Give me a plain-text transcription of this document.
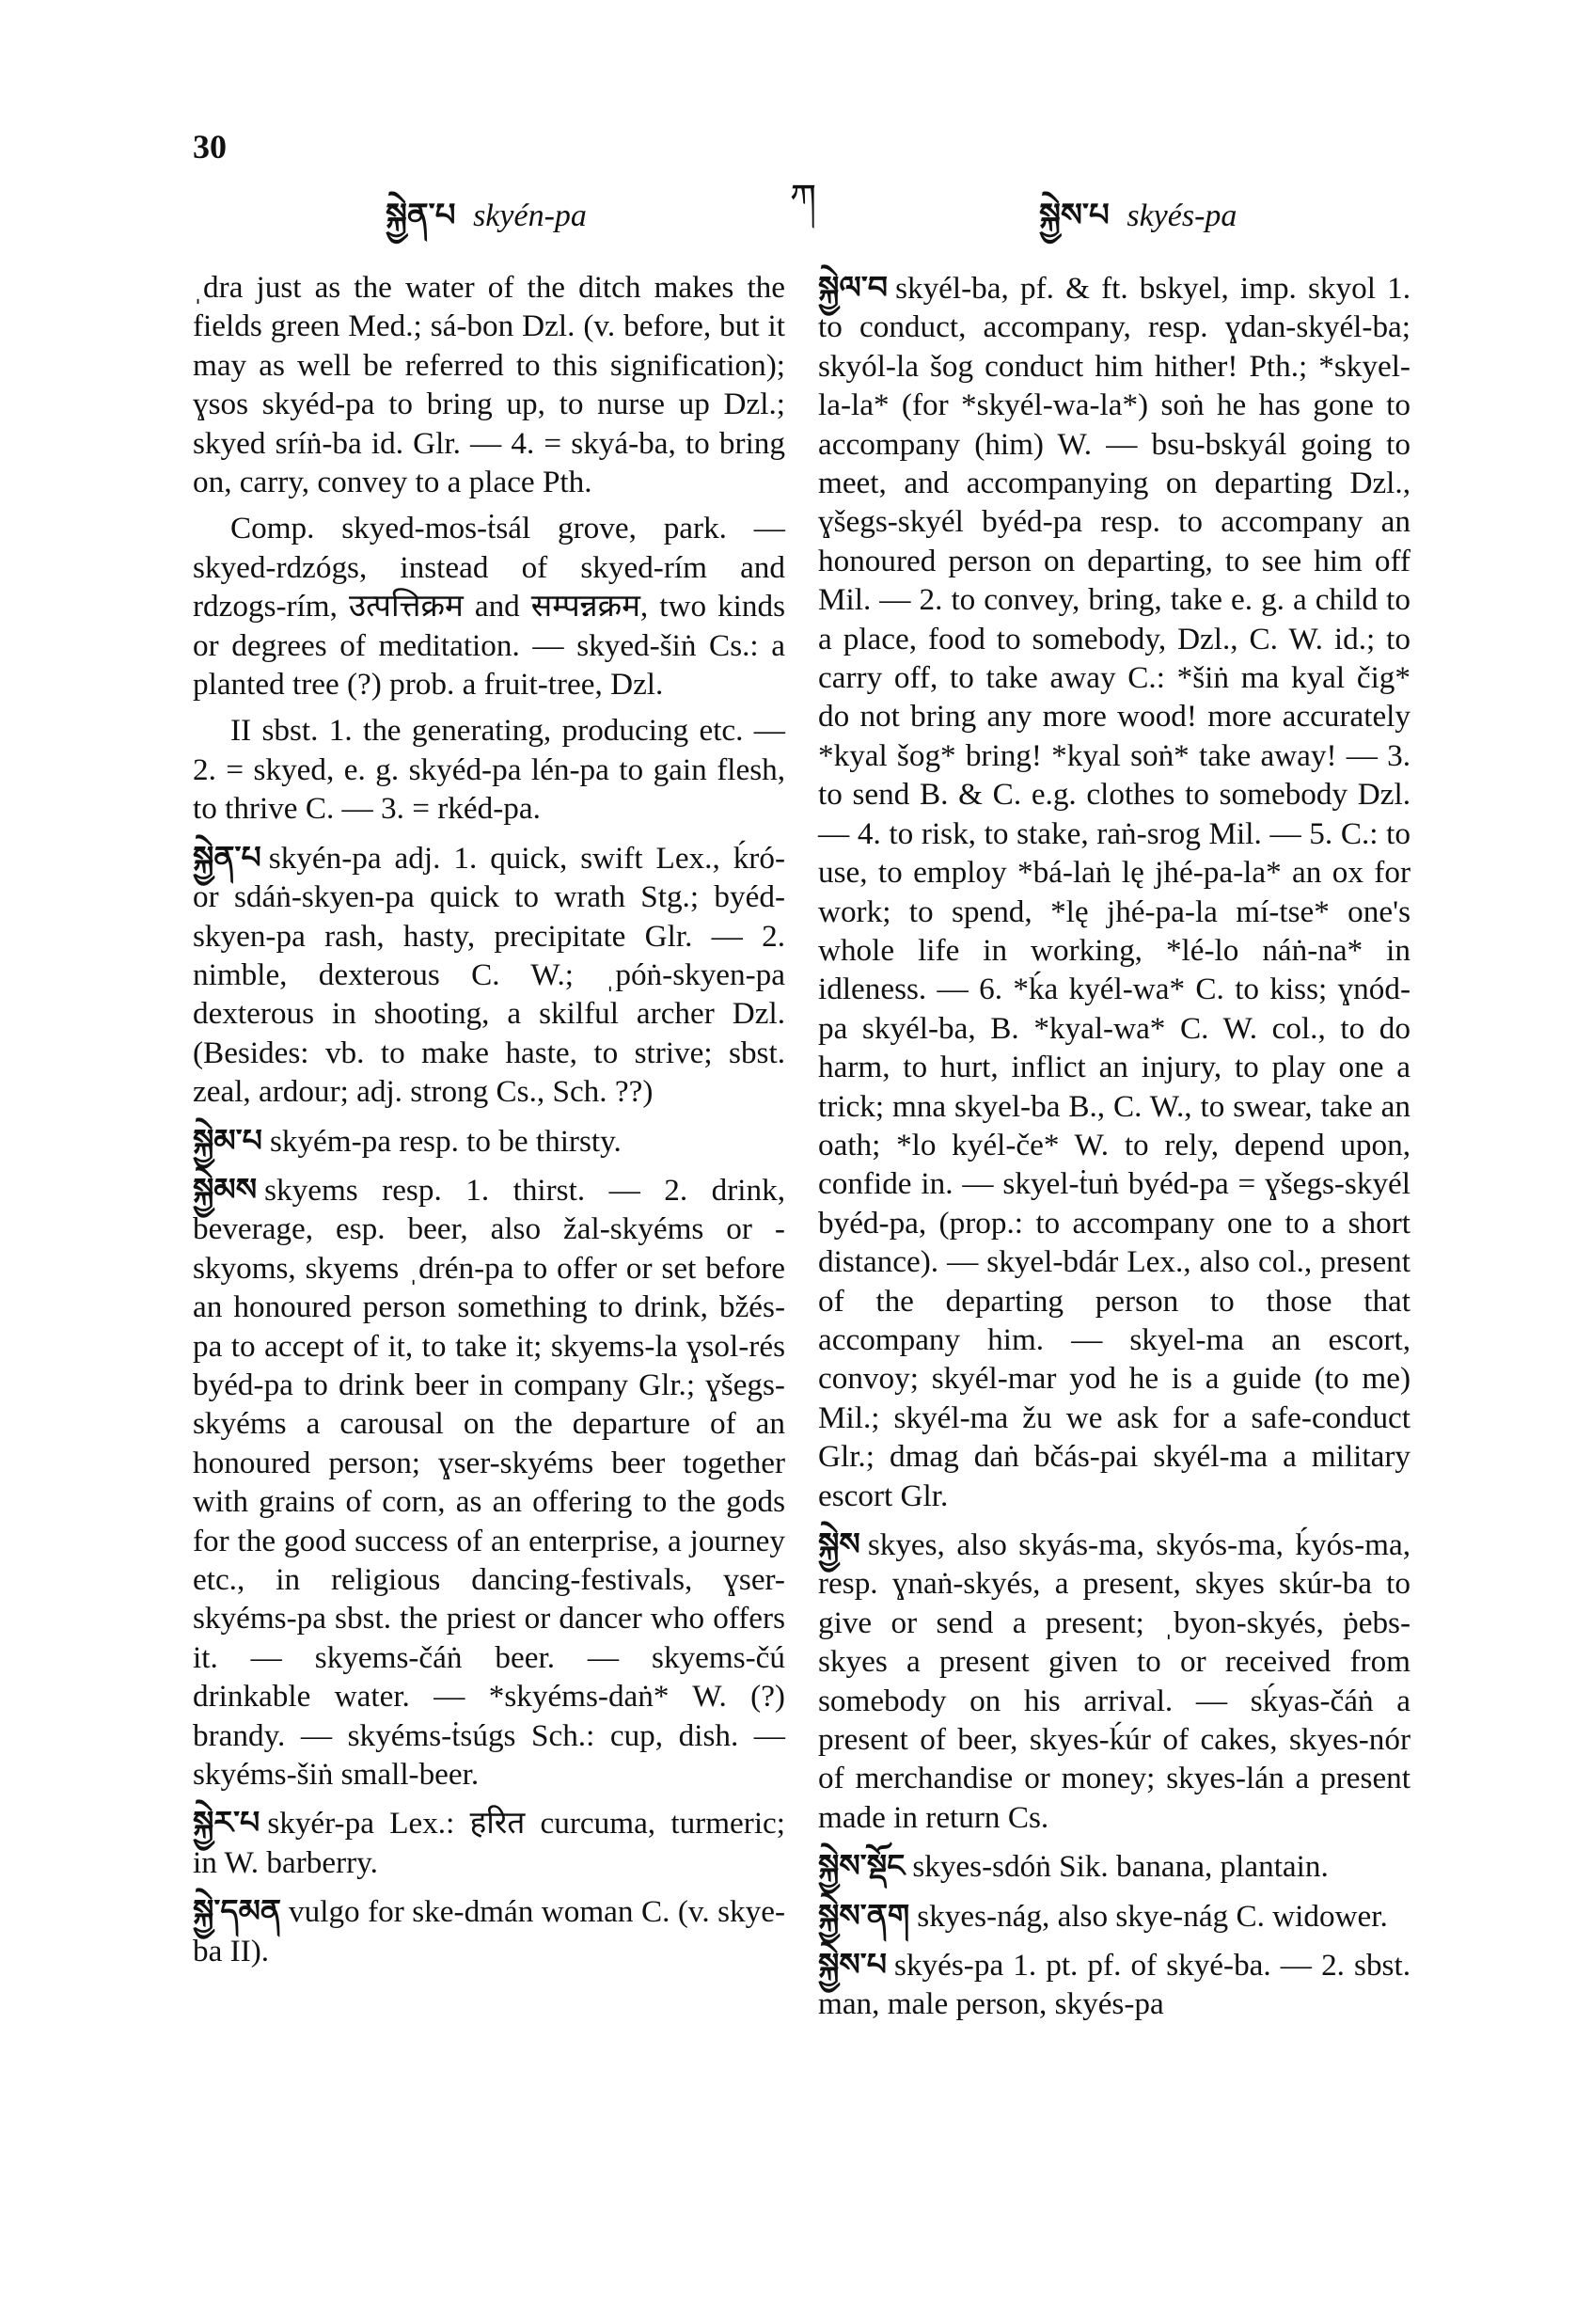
30
ཀ
སྐྱེན་པ skyén-pa	སྐྱེས་པ skyés-pa

ˌdra just as the water of the ditch makes the fields green Med.; sá-bon Dzl. (v. before, but it may as well be referred to this signification); ɣsos skyéd-pa to bring up, to nurse up Dzl.; skyed sríṅ-ba id. Glr. — 4. = skyá-ba, to bring on, carry, convey to a place Pth.

Comp. skyed-mos-ṫsál grove, park. — skyed-rdzógs, instead of skyed-rím and rdzogs-rím, उत्पत्तिक्रम and सम्पन्नक्रम, two kinds or degrees of meditation. — skyed-šiṅ Cs.: a planted tree (?) prob. a fruit-tree, Dzl.

II sbst. 1. the generating, producing etc. — 2. = skyed, e. g. skyéd-pa lén-pa to gain flesh, to thrive C. — 3. = rkéd-pa.

སྐྱེན་པ skyén-pa adj. 1. quick, swift Lex., ḱró- or sdáṅ-skyen-pa quick to wrath Stg.; byéd-skyen-pa rash, hasty, precipitate Glr. — 2. nimble, dexterous C. W.; ˌpóṅ-skyen-pa dexterous in shooting, a skilful archer Dzl. (Besides: vb. to make haste, to strive; sbst. zeal, ardour; adj. strong Cs., Sch. ??)

སྐྱེམ་པ skyém-pa resp. to be thirsty.

སྐྱེམས skyems resp. 1. thirst. — 2. drink, beverage, esp. beer, also žal-skyéms or -skyoms, skyems ˌdrén-pa to offer or set before an honoured person something to drink, bžés-pa to accept of it, to take it; skyems-la ɣsol-rés byéd-pa to drink beer in company Glr.; ɣšegs-skyéms a carousal on the departure of an honoured person; ɣser-skyéms beer together with grains of corn, as an offering to the gods for the good success of an enterprise, a journey etc., in religious dancing-festivals, ɣser-skyéms-pa sbst. the priest or dancer who offers it. — skyems-čáṅ beer. — skyems-čú drinkable water. — *skyéms-daṅ* W. (?) brandy. — skyéms-ṫsúgs Sch.: cup, dish. — skyéms-šiṅ small-beer.

སྐྱེར་པ skyér-pa Lex.: हरित curcuma, turmeric; in W. barberry.

སྐྱེ་དམན vulgo for ske-dmán woman C. (v. skye-ba II).

སྐྱེལ་བ skyél-ba, pf. & ft. bskyel, imp. skyol 1. to conduct, accompany, resp. ɣdan-skyél-ba; skyól-la šog conduct him hither! Pth.; *skyel-la-la* (for *skyél-wa-la*) soṅ he has gone to accompany (him) W. — bsu-bskyál going to meet, and accompanying on departing Dzl., ɣšegs-skyél byéd-pa resp. to accompany an honoured person on departing, to see him off Mil. — 2. to convey, bring, take e. g. a child to a place, food to somebody, Dzl., C. W. id.; to carry off, to take away C.: *šiṅ ma kyal čig* do not bring any more wood! more accurately *kyal šog* bring! *kyal soṅ* take away! — 3. to send B. & C. e.g. clothes to somebody Dzl. — 4. to risk, to stake, raṅ-srog Mil. — 5. C.: to use, to employ *bá-laṅ lę jhé-pa-la* an ox for work; to spend, *lę jhé-pa-la mí-tse* one's whole life in working, *lé-lo náṅ-na* in idleness. — 6. *ḱa kyél-wa* C. to kiss; ɣnód-pa skyél-ba, B. *kyal-wa* C. W. col., to do harm, to hurt, inflict an injury, to play one a trick; mna skyel-ba B., C. W., to swear, take an oath; *lo kyél-če* W. to rely, depend upon, confide in. — skyel-ṫuṅ byéd-pa = ɣšegs-skyél byéd-pa, (prop.: to accompany one to a short distance). — skyel-bdár Lex., also col., present of the departing person to those that accompany him. — skyel-ma an escort, convoy; skyél-mar yod he is a guide (to me) Mil.; skyél-ma žu we ask for a safe-conduct Glr.; dmag daṅ bčás-pai skyél-ma a military escort Glr.

སྐྱེས skyes, also skyás-ma, skyós-ma, ḱyós-ma, resp. ɣnaṅ-skyés, a present, skyes skúr-ba to give or send a present; ˌbyon-skyés, ṗebs-skyes a present given to or received from somebody on his arrival. — sḱyas-čáṅ a present of beer, skyes-ḱúr of cakes, skyes-nór of merchandise or money; skyes-lán a present made in return Cs.

སྐྱེས་སྡོང skyes-sdóṅ Sik. banana, plantain.

སྐྱེས་ནག skyes-nág, also skye-nág C. widower.

སྐྱེས་པ skyés-pa 1. pt. pf. of skyé-ba. — 2. sbst. man, male person, skyés-pa
